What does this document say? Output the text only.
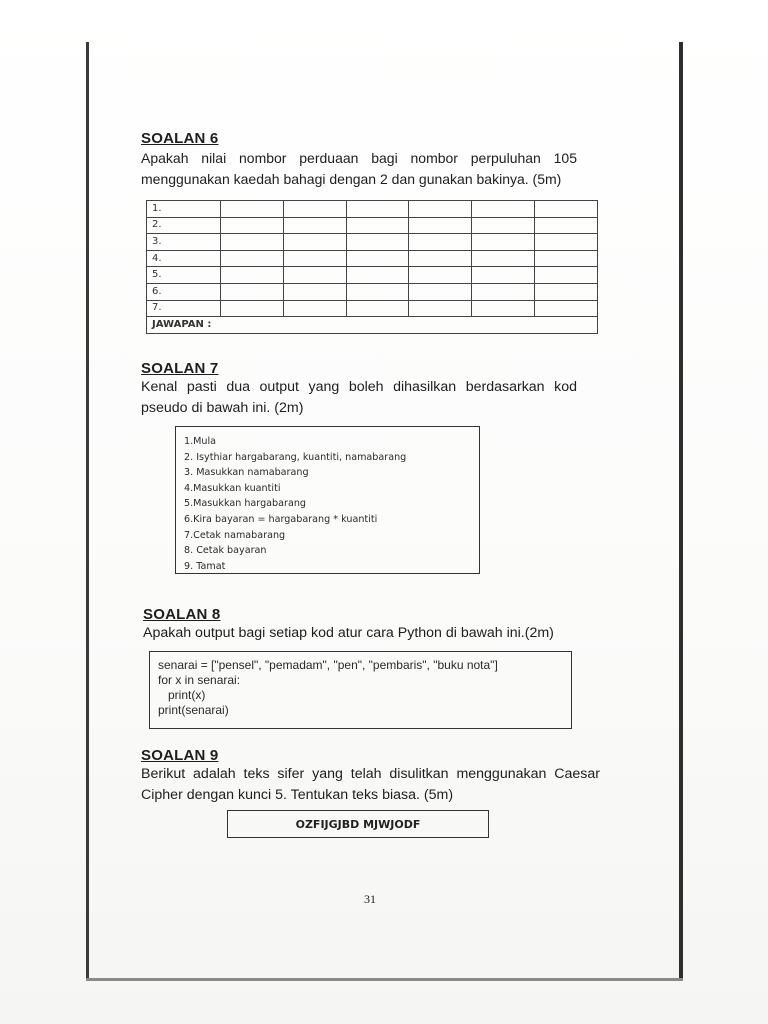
SOALAN 6
Apakah nilai nombor perduaan bagi nombor perpuluhan 105
menggunakan kaedah bahagi dengan 2 dan gunakan bakinya. (5m)
1.						
2.						
3.						
4.						
5.						
6.						
7.						
JAWAPAN :						
SOALAN 7
Kenal pasti dua output yang boleh dihasilkan berdasarkan kod
pseudo di bawah ini. (2m)
1.Mula
2. Isythiar hargabarang, kuantiti, namabarang
3. Masukkan namabarang
4.Masukkan kuantiti
5.Masukkan hargabarang
6.Kira bayaran = hargabarang * kuantiti
7.Cetak namabarang
8. Cetak bayaran
9. Tamat
SOALAN 8
Apakah output bagi setiap kod atur cara Python di bawah ini.(2m)
senarai = ["pensel", "pemadam", "pen", "pembaris", "buku nota"]
for x in senarai:
print(x)
print(senarai)
SOALAN 9
Berikut adalah teks sifer yang telah disulitkan menggunakan Caesar
Cipher dengan kunci 5. Tentukan teks biasa. (5m)
OZFIJGJBD MJWJODF
31
